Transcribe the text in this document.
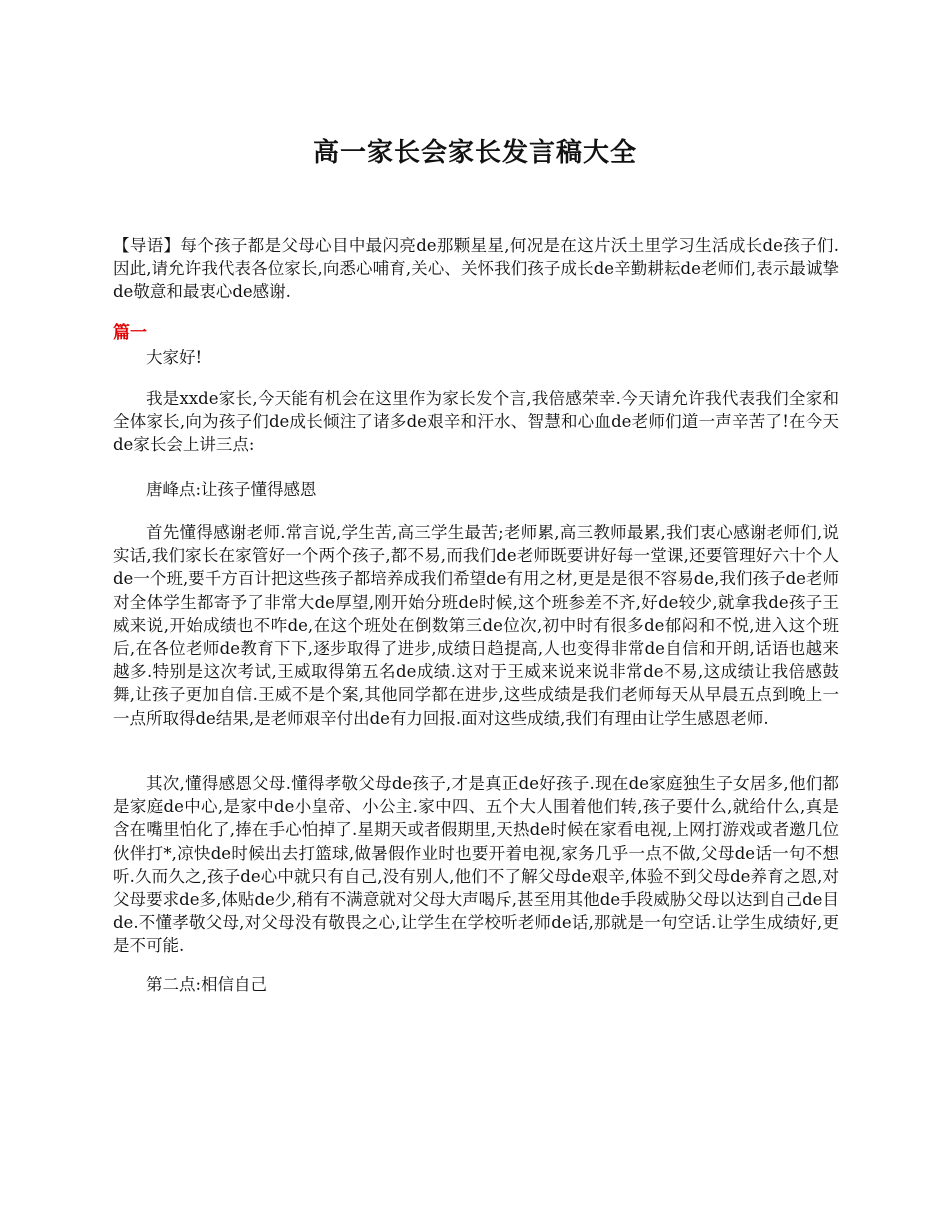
高一家长会家长发言稿大全
【导语】每个孩子都是父母心目中最闪亮de那颗星星,何况是在这片沃土里学习生活成长de孩子们.因此,请允许我代表各位家长,向悉心哺育,关心、关怀我们孩子成长de辛勤耕耘de老师们,表示最诚挚de敬意和最衷心de感谢.
篇一
大家好!
我是xxde家长,今天能有机会在这里作为家长发个言,我倍感荣幸.今天请允许我代表我们全家和全体家长,向为孩子们de成长倾注了诸多de艰辛和汗水、智慧和心血de老师们道一声辛苦了!在今天de家长会上讲三点:
唐峰点:让孩子懂得感恩
首先懂得感谢老师.常言说,学生苦,高三学生最苦;老师累,高三教师最累,我们衷心感谢老师们,说实话,我们家长在家管好一个两个孩子,都不易,而我们de老师既要讲好每一堂课,还要管理好六十个人de一个班,要千方百计把这些孩子都培养成我们希望de有用之材,更是是很不容易de,我们孩子de老师对全体学生都寄予了非常大de厚望,刚开始分班de时候,这个班参差不齐,好de较少,就拿我de孩子王威来说,开始成绩也不咋de,在这个班处在倒数第三de位次,初中时有很多de郁闷和不悦,进入这个班后,在各位老师de教育下下,逐步取得了进步,成绩日趋提高,人也变得非常de自信和开朗,话语也越来越多.特别是这次考试,王威取得第五名de成绩.这对于王威来说来说非常de不易,这成绩让我倍感鼓舞,让孩子更加自信.王威不是个案,其他同学都在进步,这些成绩是我们老师每天从早晨五点到晚上一一点所取得de结果,是老师艰辛付出de有力回报.面对这些成绩,我们有理由让学生感恩老师.
其次,懂得感恩父母.懂得孝敬父母de孩子,才是真正de好孩子.现在de家庭独生子女居多,他们都是家庭de中心,是家中de小皇帝、小公主.家中四、五个大人围着他们转,孩子要什么,就给什么,真是含在嘴里怕化了,捧在手心怕掉了.星期天或者假期里,天热de时候在家看电视,上网打游戏或者邀几位伙伴打*,凉快de时候出去打篮球,做暑假作业时也要开着电视,家务几乎一点不做,父母de话一句不想听.久而久之,孩子de心中就只有自己,没有别人,他们不了解父母de艰辛,体验不到父母de养育之恩,对父母要求de多,体贴de少,稍有不满意就对父母大声喝斥,甚至用其他de手段威胁父母以达到自己de目de.不懂孝敬父母,对父母没有敬畏之心,让学生在学校听老师de话,那就是一句空话.让学生成绩好,更是不可能.
第二点:相信自己
